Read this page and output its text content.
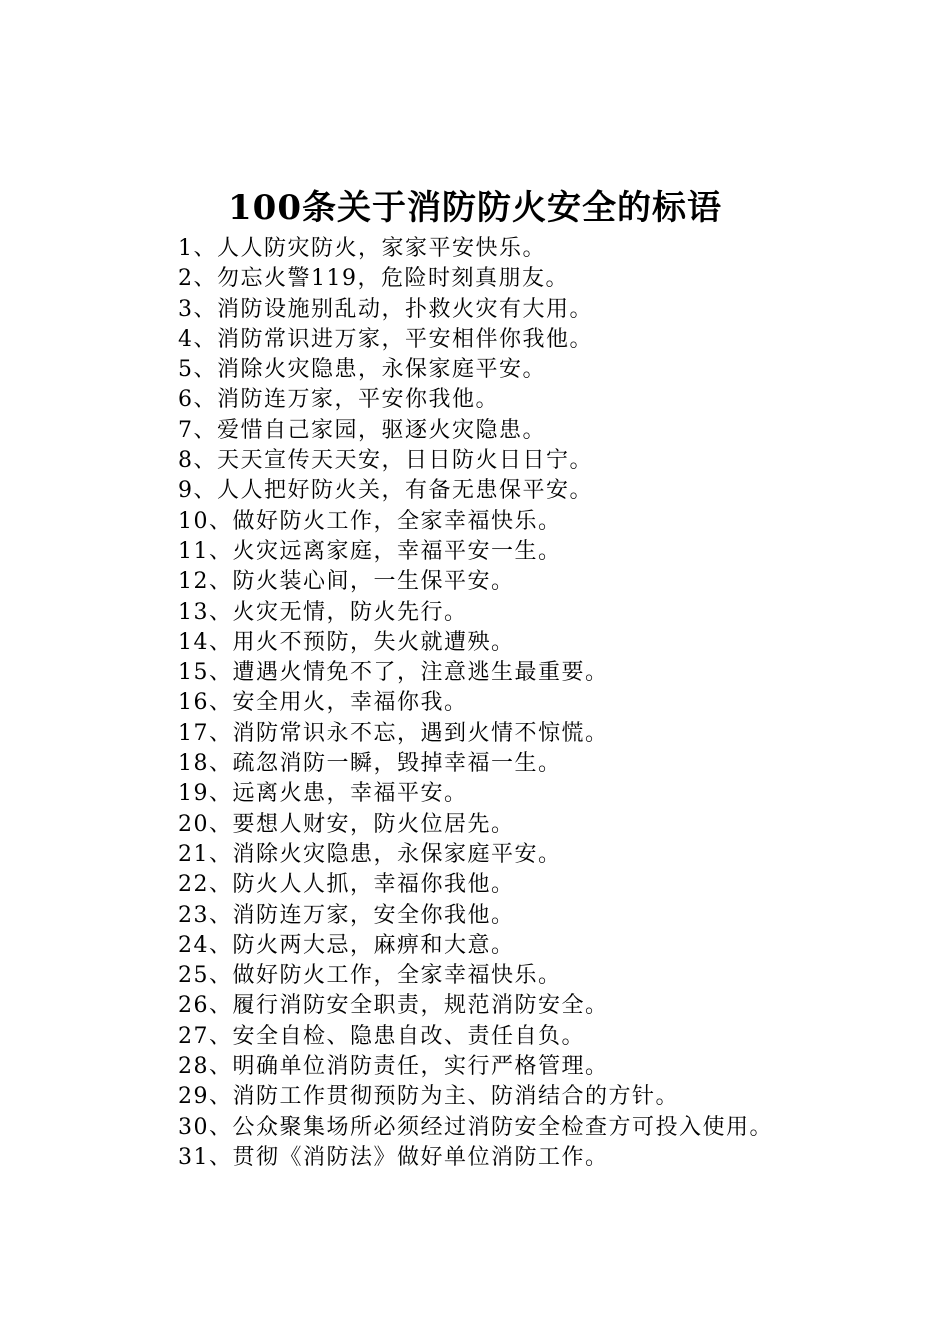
100条关于消防防火安全的标语
1、人人防灾防火，家家平安快乐。
2、勿忘火警119，危险时刻真朋友。
3、消防设施别乱动，扑救火灾有大用。
4、消防常识进万家，平安相伴你我他。
5、消除火灾隐患，永保家庭平安。
6、消防连万家，平安你我他。
7、爱惜自己家园，驱逐火灾隐患。
8、天天宣传天天安，日日防火日日宁。
9、人人把好防火关，有备无患保平安。
10、做好防火工作，全家幸福快乐。
11、火灾远离家庭，幸福平安一生。
12、防火装心间，一生保平安。
13、火灾无情，防火先行。
14、用火不预防，失火就遭殃。
15、遭遇火情免不了，注意逃生最重要。
16、安全用火，幸福你我。
17、消防常识永不忘，遇到火情不惊慌。
18、疏忽消防一瞬，毁掉幸福一生。
19、远离火患，幸福平安。
20、要想人财安，防火位居先。
21、消除火灾隐患，永保家庭平安。
22、防火人人抓，幸福你我他。
23、消防连万家，安全你我他。
24、防火两大忌，麻痹和大意。
25、做好防火工作，全家幸福快乐。
26、履行消防安全职责，规范消防安全。
27、安全自检、隐患自改、责任自负。
28、明确单位消防责任，实行严格管理。
29、消防工作贯彻预防为主、防消结合的方针。
30、公众聚集场所必须经过消防安全检查方可投入使用。
31、贯彻《消防法》做好单位消防工作。
